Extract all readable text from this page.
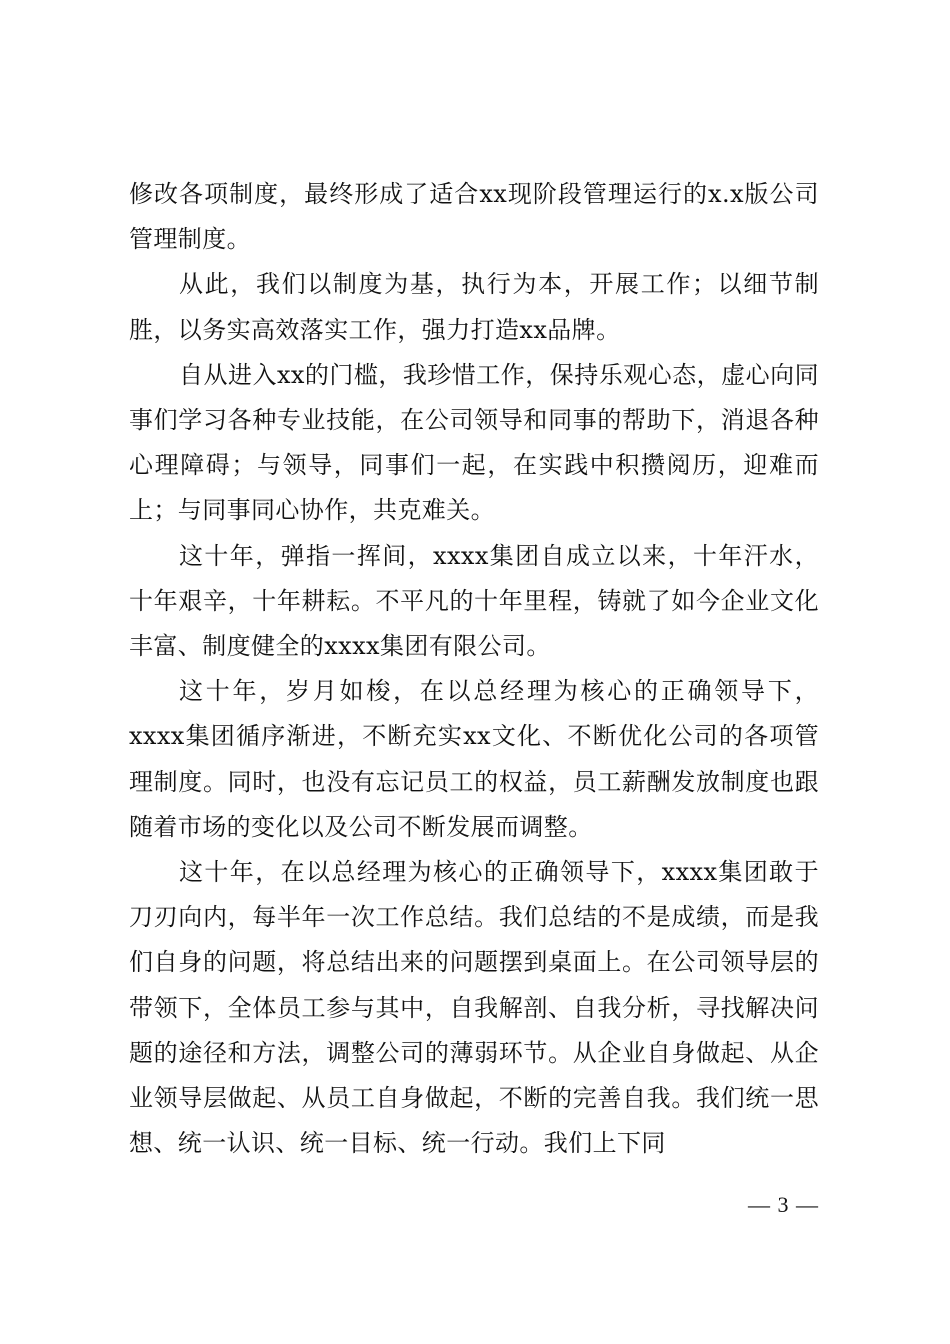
修改各项制度，最终形成了适合xx现阶段管理运行的x.x版公司管理制度。

从此，我们以制度为基，执行为本，开展工作；以细节制胜，以务实高效落实工作，强力打造xx品牌。

自从进入xx的门槛，我珍惜工作，保持乐观心态，虚心向同事们学习各种专业技能，在公司领导和同事的帮助下，消退各种心理障碍；与领导，同事们一起，在实践中积攒阅历，迎难而上；与同事同心协作，共克难关。

这十年，弹指一挥间，xxxx集团自成立以来，十年汗水，十年艰辛，十年耕耘。不平凡的十年里程，铸就了如今企业文化丰富、制度健全的xxxx集团有限公司。

这十年，岁月如梭，在以总经理为核心的正确领导下，xxxx集团循序渐进，不断充实xx文化、不断优化公司的各项管理制度。同时，也没有忘记员工的权益，员工薪酬发放制度也跟随着市场的变化以及公司不断发展而调整。

这十年，在以总经理为核心的正确领导下，xxxx集团敢于刀刃向内，每半年一次工作总结。我们总结的不是成绩，而是我们自身的问题，将总结出来的问题摆到桌面上。在公司领导层的带领下，全体员工参与其中，自我解剖、自我分析，寻找解决问题的途径和方法，调整公司的薄弱环节。从企业自身做起、从企业领导层做起、从员工自身做起，不断的完善自我。我们统一思想、统一认识、统一目标、统一行动。我们上下同

— 3 —
